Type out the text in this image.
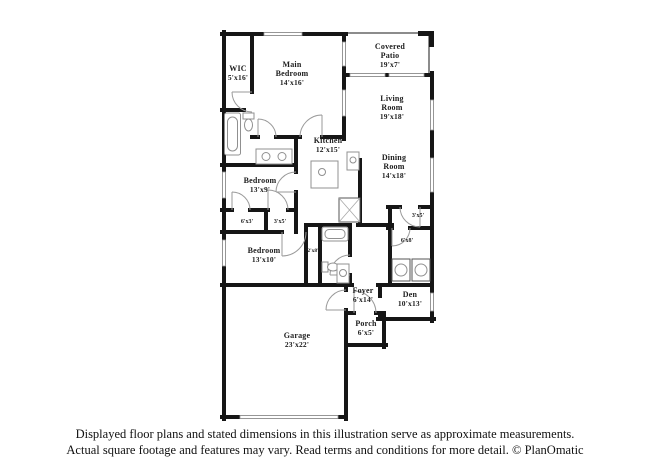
WIC
5'x16'
Main
Bedroom
14'x16'
Covered
Patio
19'x7'
Living
Room
19'x18'
Kitchen
12'x15'
Dining
Room
14'x18'
Bedroom
13'x9'
6'x3'	3'x5'
Bedroom
13'x10'
2'x8'
3'x5'
6'x8'
Foyer
6'x14'
Den
10'x13'
Porch
6'x5'
Garage
23'x22'
Displayed floor plans and stated dimensions in this illustration serve as approximate measurements.
Actual square footage and features may vary. Read terms and conditions for more detail. © PlanOmatic
